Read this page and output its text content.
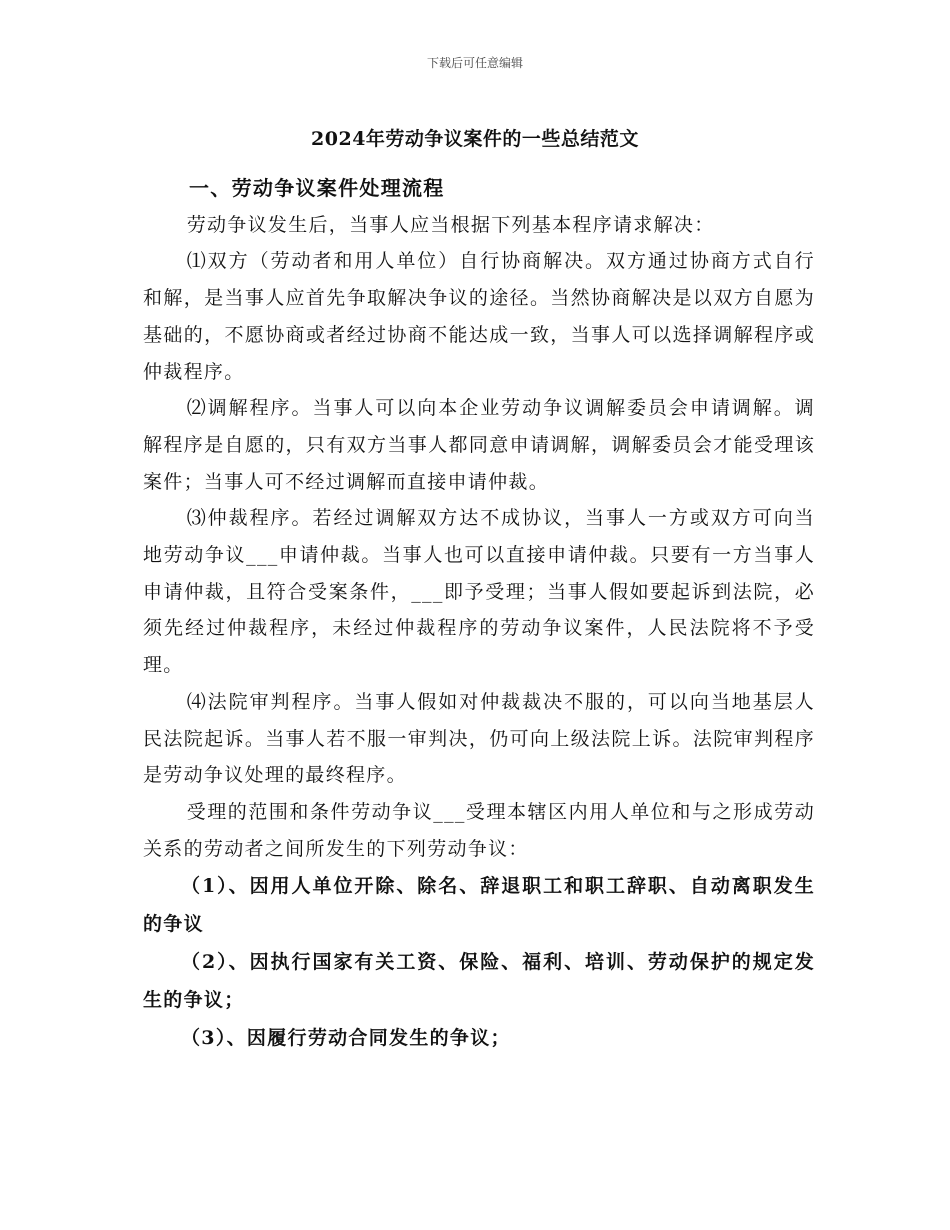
下载后可任意编辑
2024年劳动争议案件的一些总结范文

一、劳动争议案件处理流程

劳动争议发生后，当事人应当根据下列基本程序请求解决：

⑴双方（劳动者和用人单位）自行协商解决。双方通过协商方式自行和解，是当事人应首先争取解决争议的途径。当然协商解决是以双方自愿为基础的，不愿协商或者经过协商不能达成一致，当事人可以选择调解程序或仲裁程序。

⑵调解程序。当事人可以向本企业劳动争议调解委员会申请调解。调解程序是自愿的，只有双方当事人都同意申请调解，调解委员会才能受理该案件；当事人可不经过调解而直接申请仲裁。

⑶仲裁程序。若经过调解双方达不成协议，当事人一方或双方可向当地劳动争议___申请仲裁。当事人也可以直接申请仲裁。只要有一方当事人申请仲裁，且符合受案条件，___即予受理；当事人假如要起诉到法院，必须先经过仲裁程序，未经过仲裁程序的劳动争议案件，人民法院将不予受理。

⑷法院审判程序。当事人假如对仲裁裁决不服的，可以向当地基层人民法院起诉。当事人若不服一审判决，仍可向上级法院上诉。法院审判程序是劳动争议处理的最终程序。

受理的范围和条件劳动争议___受理本辖区内用人单位和与之形成劳动关系的劳动者之间所发生的下列劳动争议：

（1）、因用人单位开除、除名、辞退职工和职工辞职、自动离职发生的争议

（2）、因执行国家有关工资、保险、福利、培训、劳动保护的规定发生的争议；

（3）、因履行劳动合同发生的争议；
